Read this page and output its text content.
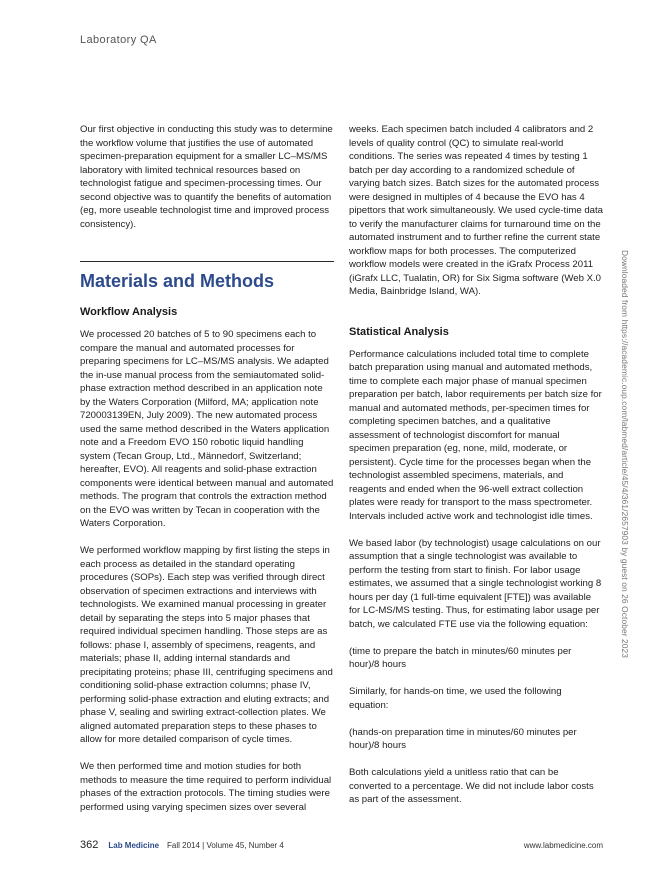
Laboratory QA

Our first objective in conducting this study was to determine the workflow volume that justifies the use of automated specimen-preparation equipment for a smaller LC–MS/MS laboratory with limited technical resources based on technologist fatigue and specimen-processing times. Our second objective was to quantify the benefits of automation (eg, more useable technologist time and improved process consistency).

Materials and Methods
Workflow Analysis

We processed 20 batches of 5 to 90 specimens each to compare the manual and automated processes for preparing specimens for LC–MS/MS analysis. We adapted the in-use manual process from the semiautomated solid-phase extraction method described in an application note by the Waters Corporation (Milford, MA; application note 720003139EN, July 2009). The new automated process used the same method described in the Waters application note and a Freedom EVO 150 robotic liquid handling system (Tecan Group, Ltd., Männedorf, Switzerland; hereafter, EVO). All reagents and solid-phase extraction components were identical between manual and automated methods. The program that controls the extraction method on the EVO was written by Tecan in cooperation with the Waters Corporation.

We performed workflow mapping by first listing the steps in each process as detailed in the standard operating procedures (SOPs). Each step was verified through direct observation of specimen extractions and interviews with technologists. We examined manual processing in greater detail by separating the steps into 5 major phases that required individual specimen handling. Those steps are as follows: phase I, assembly of specimens, reagents, and materials; phase II, adding internal standards and precipitating proteins; phase III, centrifuging specimens and conditioning solid-phase extraction columns; phase IV, performing solid-phase extraction and eluting extracts; and phase V, sealing and swirling extract-collection plates. We aligned automated preparation steps to these phases to allow for more detailed comparison of cycle times.

We then performed time and motion studies for both methods to measure the time required to perform individual phases of the extraction protocols. The timing studies were performed using varying specimen sizes over several

weeks. Each specimen batch included 4 calibrators and 2 levels of quality control (QC) to simulate real-world conditions. The series was repeated 4 times by testing 1 batch per day according to a randomized schedule of varying batch sizes. Batch sizes for the automated process were designed in multiples of 4 because the EVO has 4 pipettors that work simultaneously. We used cycle-time data to verify the manufacturer claims for turnaround time on the automated instrument and to further refine the current state workflow maps for both processes. The computerized workflow models were created in the iGrafx Process 2011 (iGrafx LLC, Tualatin, OR) for Six Sigma software (Web X.0 Media, Bainbridge Island, WA).

Statistical Analysis

Performance calculations included total time to complete batch preparation using manual and automated methods, time to complete each major phase of manual specimen preparation per batch, labor requirements per batch size for manual and automated methods, per-specimen times for completing specimen batches, and a qualitative assessment of technologist discomfort for manual specimen preparation (eg, none, mild, moderate, or persistent). Cycle time for the processes began when the technologist assembled specimens, materials, and reagents and ended when the 96-well extract collection plates were ready for transport to the mass spectrometer. Intervals included active work and technologist idle times.

We based labor (by technologist) usage calculations on our assumption that a single technologist was available to perform the testing from start to finish. For labor usage estimates, we assumed that a single technologist working 8 hours per day (1 full-time equivalent [FTE]) was available for LC-MS/MS testing. Thus, for estimating labor usage per batch, we calculated FTE use via the following equation:

(time to prepare the batch in minutes/60 minutes per hour)/8 hours

Similarly, for hands-on time, we used the following equation:

(hands-on preparation time in minutes/60 minutes per hour)/8 hours

Both calculations yield a unitless ratio that can be converted to a percentage. We did not include labor costs as part of the assessment.

Downloaded from https://academic.oup.com/labmed/article/45/4/361/2657903 by guest on 26 October 2023
362 Lab Medicine Fall 2014 | Volume 45, Number 4	www.labmedicine.com
